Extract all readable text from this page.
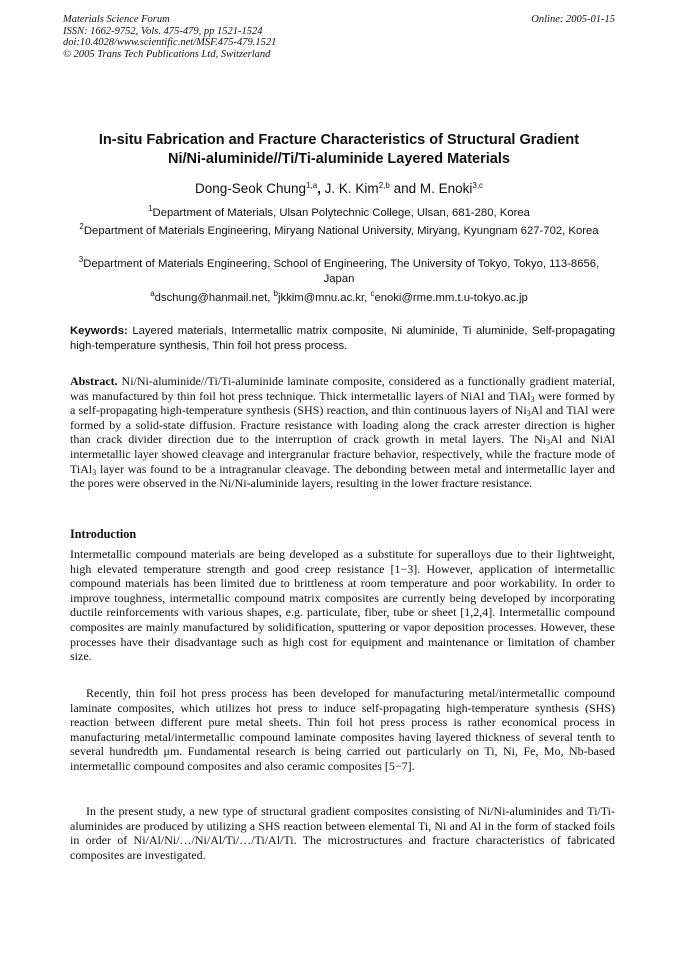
Materials Science Forum
ISSN: 1662-9752, Vols. 475-479, pp 1521-1524
doi:10.4028/www.scientific.net/MSF.475-479.1521
© 2005 Trans Tech Publications Ltd, Switzerland
Online: 2005-01-15
In-situ Fabrication and Fracture Characteristics of Structural Gradient
Ni/Ni-aluminide//Ti/Ti-aluminide Layered Materials
Dong-Seok Chung$^{1,a}$, J. K. Kim$^{2,b}$ and M. Enoki$^{3,c}$
$^1$Department of Materials, Ulsan Polytechnic College, Ulsan, 681-280, Korea
$^2$Department of Materials Engineering, Miryang National University, Miryang, Kyungnam 627-702, Korea
$^3$Department of Materials Engineering, School of Engineering, The University of Tokyo, Tokyo, 113-8656, Japan
$^a$dschung@hanmail.net, $^b$jkkim@mnu.ac.kr, $^c$enoki@rme.mm.t.u-tokyo.ac.jp
Keywords: Layered materials, Intermetallic matrix composite, Ni aluminide, Ti aluminide, Self-propagating high-temperature synthesis, Thin foil hot press process.
Abstract. Ni/Ni-aluminide//Ti/Ti-aluminide laminate composite, considered as a functionally gradient material, was manufactured by thin foil hot press technique. Thick intermetallic layers of NiAl and TiAl$_3$ were formed by a self-propagating high-temperature synthesis (SHS) reaction, and thin continuous layers of $Ni_3Al$ and TiAl were formed by a solid-state diffusion. Fracture resistance with loading along the crack arrester direction is higher than crack divider direction due to the interruption of crack growth in metal layers. The $Ni_3Al$ and NiAl intermetallic layer showed cleavage and intergranular fracture behavior, respectively, while the fracture mode of TiAl$_3$ layer was found to be a intragranular cleavage. The debonding between metal and intermetallic layer and the pores were observed in the Ni/Ni-aluminide layers, resulting in the lower fracture resistance.
Introduction
Intermetallic compound materials are being developed as a substitute for superalloys due to their lightweight, high elevated temperature strength and good creep resistance [1−3]. However, application of intermetallic compound materials has been limited due to brittleness at room temperature and poor workability. In order to improve toughness, intermetallic compound matrix composites are currently being developed by incorporating ductile reinforcements with various shapes, e.g. particulate, fiber, tube or sheet [1,2,4]. Intermetallic compound composites are mainly manufactured by solidification, sputtering or vapor deposition processes. However, these processes have their disadvantage such as high cost for equipment and maintenance or limitation of chamber size.
Recently, thin foil hot press process has been developed for manufacturing metal/intermetallic compound laminate composites, which utilizes hot press to induce self-propagating high-temperature synthesis (SHS) reaction between different pure metal sheets. Thin foil hot press process is rather economical process in manufacturing metal/intermetallic compound laminate composites having layered thickness of several tenth to several hundredth μm. Fundamental research is being carried out particularly on Ti, Ni, Fe, Mo, Nb-based intermetallic compound composites and also ceramic composites [5−7].
In the present study, a new type of structural gradient composites consisting of Ni/Ni-aluminides and Ti/Ti-aluminides are produced by utilizing a SHS reaction between elemental Ti, Ni and Al in the form of stacked foils in order of Ni/Al/Ni/…/Ni/Al/Ti/…/Ti/Al/Ti. The microstructures and fracture characteristics of fabricated composites are investigated.
